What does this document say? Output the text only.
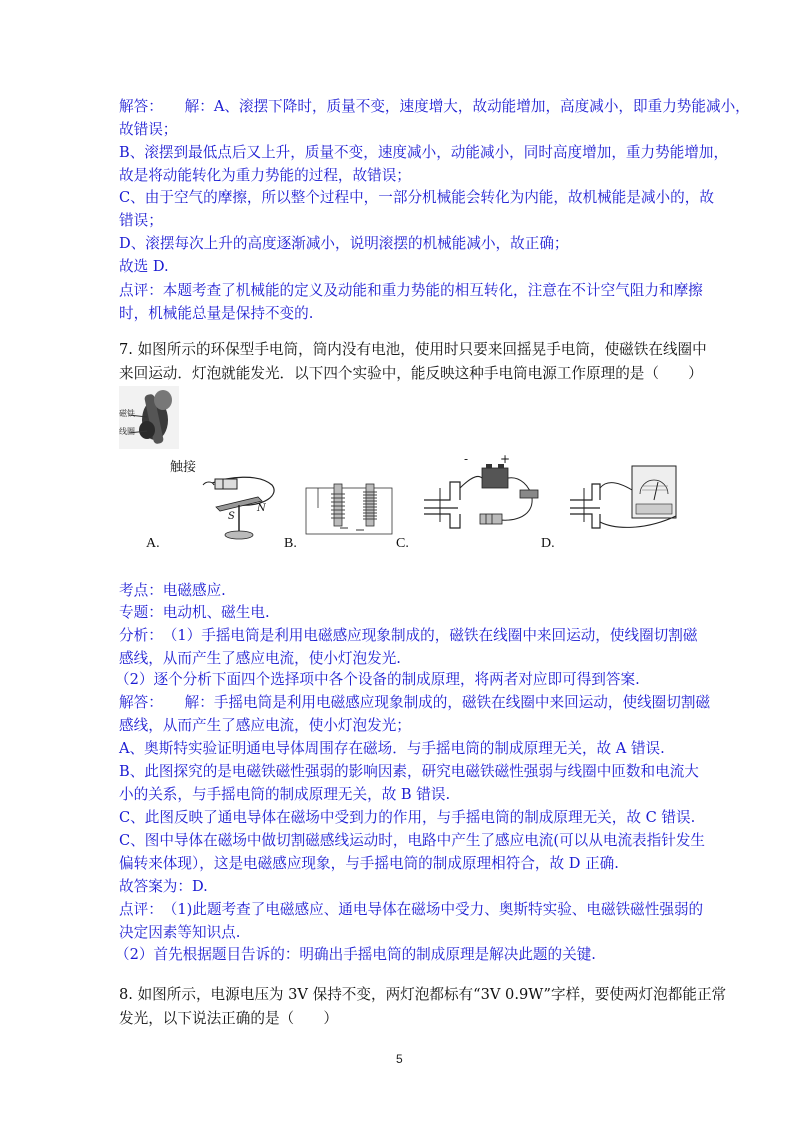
解答：　　解：A、滚摆下降时，质量不变，速度增大，故动能增加，高度减小，即重力势能减小，
故错误；
B、滚摆到最低点后又上升，质量不变，速度减小，动能减小，同时高度增加，重力势能增加，
故是将动能转化为重力势能的过程，故错误；
C、由于空气的摩擦，所以整个过程中，一部分机械能会转化为内能，故机械能是减小的，故
错误；
D、滚摆每次上升的高度逐渐减小，说明滚摆的机械能减小，故正确；
故选 D.
点评：本题考查了机械能的定义及动能和重力势能的相互转化，注意在不计空气阻力和摩擦
时，机械能总量是保持不变的.
7. 如图所示的环保型手电筒，筒内没有电池，使用时只要来回摇晃手电筒，使磁铁在线圈中
来回运动．灯泡就能发光．以下四个实验中，能反映这种手电筒电源工作原理的是（　　）
磁铁
线圈
触接
S
N
-	+
A.	B.	C.	D.
考点：电磁感应.
专题：电动机、磁生电.
分析：　（1）手摇电筒是利用电磁感应现象制成的，磁铁在线圈中来回运动，使线圈切割磁
感线，从而产生了感应电流，使小灯泡发光.
（2）逐个分析下面四个选择项中各个设备的制成原理，将两者对应即可得到答案.
解答：　　解：手摇电筒是利用电磁感应现象制成的，磁铁在线圈中来回运动，使线圈切割磁
感线，从而产生了感应电流，使小灯泡发光；
A、奥斯特实验证明通电导体周围存在磁场．与手摇电筒的制成原理无关，故 A 错误.
B、此图探究的是电磁铁磁性强弱的影响因素，研究电磁铁磁性强弱与线圈中匝数和电流大
小的关系，与手摇电筒的制成原理无关，故 B 错误.
C、此图反映了通电导体在磁场中受到力的作用，与手摇电筒的制成原理无关，故 C 错误.
C、图中导体在磁场中做切割磁感线运动时，电路中产生了感应电流(可以从电流表指针发生
偏转来体现），这是电磁感应现象，与手摇电筒的制成原理相符合，故 D 正确.
故答案为：D.
点评：　（1)此题考查了电磁感应、通电导体在磁场中受力、奥斯特实验、电磁铁磁性强弱的
决定因素等知识点.
（2）首先根据题目告诉的：明确出手摇电筒的制成原理是解决此题的关键.
8. 如图所示，电源电压为 3V 保持不变，两灯泡都标有“3V 0.9W”字样，要使两灯泡都能正常
发光，以下说法正确的是（　　）
5
